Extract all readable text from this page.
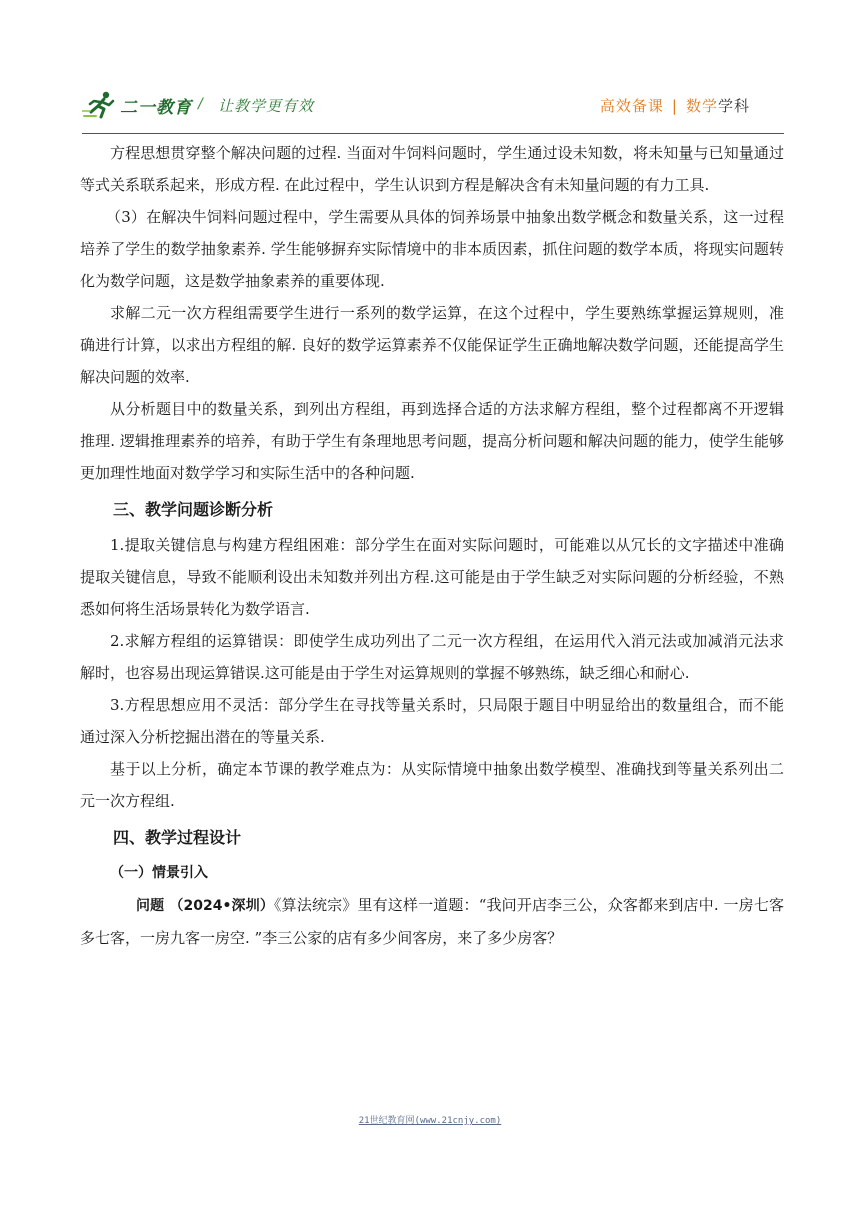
二一教育 / 让教学更有效	高效备课 | 数学学科

方程思想贯穿整个解决问题的过程. 当面对牛饲料问题时，学生通过设未知数，将未知量与已知量通过等式关系联系起来，形成方程. 在此过程中，学生认识到方程是解决含有未知量问题的有力工具.

（3）在解决牛饲料问题过程中，学生需要从具体的饲养场景中抽象出数学概念和数量关系，这一过程培养了学生的数学抽象素养. 学生能够摒弃实际情境中的非本质因素，抓住问题的数学本质，将现实问题转化为数学问题，这是数学抽象素养的重要体现.

求解二元一次方程组需要学生进行一系列的数学运算，在这个过程中，学生要熟练掌握运算规则，准确进行计算，以求出方程组的解. 良好的数学运算素养不仅能保证学生正确地解决数学问题，还能提高学生解决问题的效率.

从分析题目中的数量关系，到列出方程组，再到选择合适的方法求解方程组，整个过程都离不开逻辑推理. 逻辑推理素养的培养，有助于学生有条理地思考问题，提高分析问题和解决问题的能力，使学生能够更加理性地面对数学学习和实际生活中的各种问题.

三、教学问题诊断分析

1.提取关键信息与构建方程组困难：部分学生在面对实际问题时，可能难以从冗长的文字描述中准确提取关键信息，导致不能顺利设出未知数并列出方程.这可能是由于学生缺乏对实际问题的分析经验，不熟悉如何将生活场景转化为数学语言.

2.求解方程组的运算错误：即使学生成功列出了二元一次方程组，在运用代入消元法或加减消元法求解时，也容易出现运算错误.这可能是由于学生对运算规则的掌握不够熟练，缺乏细心和耐心.

3.方程思想应用不灵活：部分学生在寻找等量关系时，只局限于题目中明显给出的数量组合，而不能通过深入分析挖掘出潜在的等量关系.

基于以上分析，确定本节课的教学难点为：从实际情境中抽象出数学模型、准确找到等量关系列出二元一次方程组.

四、教学过程设计
（一）情景引入

问题 （2024•深圳）《算法统宗》里有这样一道题：“我问开店李三公，众客都来到店中. 一房七客多七客，一房九客一房空. ”李三公家的店有多少间客房，来了多少房客？

21世纪教育网(www.21cnjy.com)
